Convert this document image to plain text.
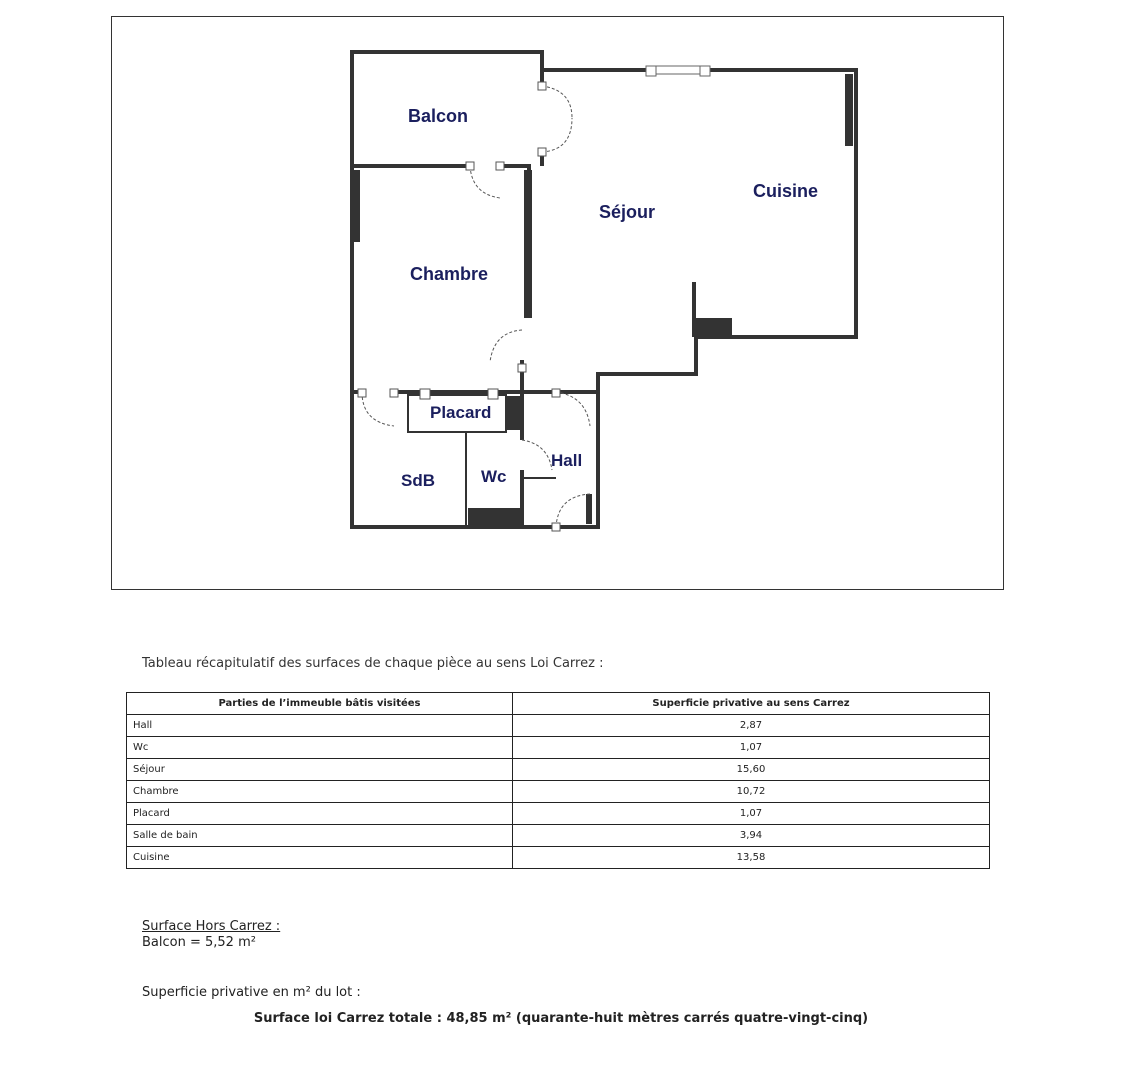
Balcon
Séjour
Cuisine
Chambre
Placard
Hall
SdB	Wc
Tableau récapitulatif des surfaces de chaque pièce au sens Loi Carrez :
Parties de l’immeuble bâtis visitées	Superficie privative au sens Carrez
Hall	2,87
Wc	1,07
Séjour	15,60
Chambre	10,72
Placard	1,07
Salle de bain	3,94
Cuisine	13,58
Surface Hors Carrez :
Balcon = 5,52 m²
Superficie privative en m² du lot :
Surface loi Carrez totale : 48,85 m² (quarante-huit mètres carrés quatre-vingt-cinq)
